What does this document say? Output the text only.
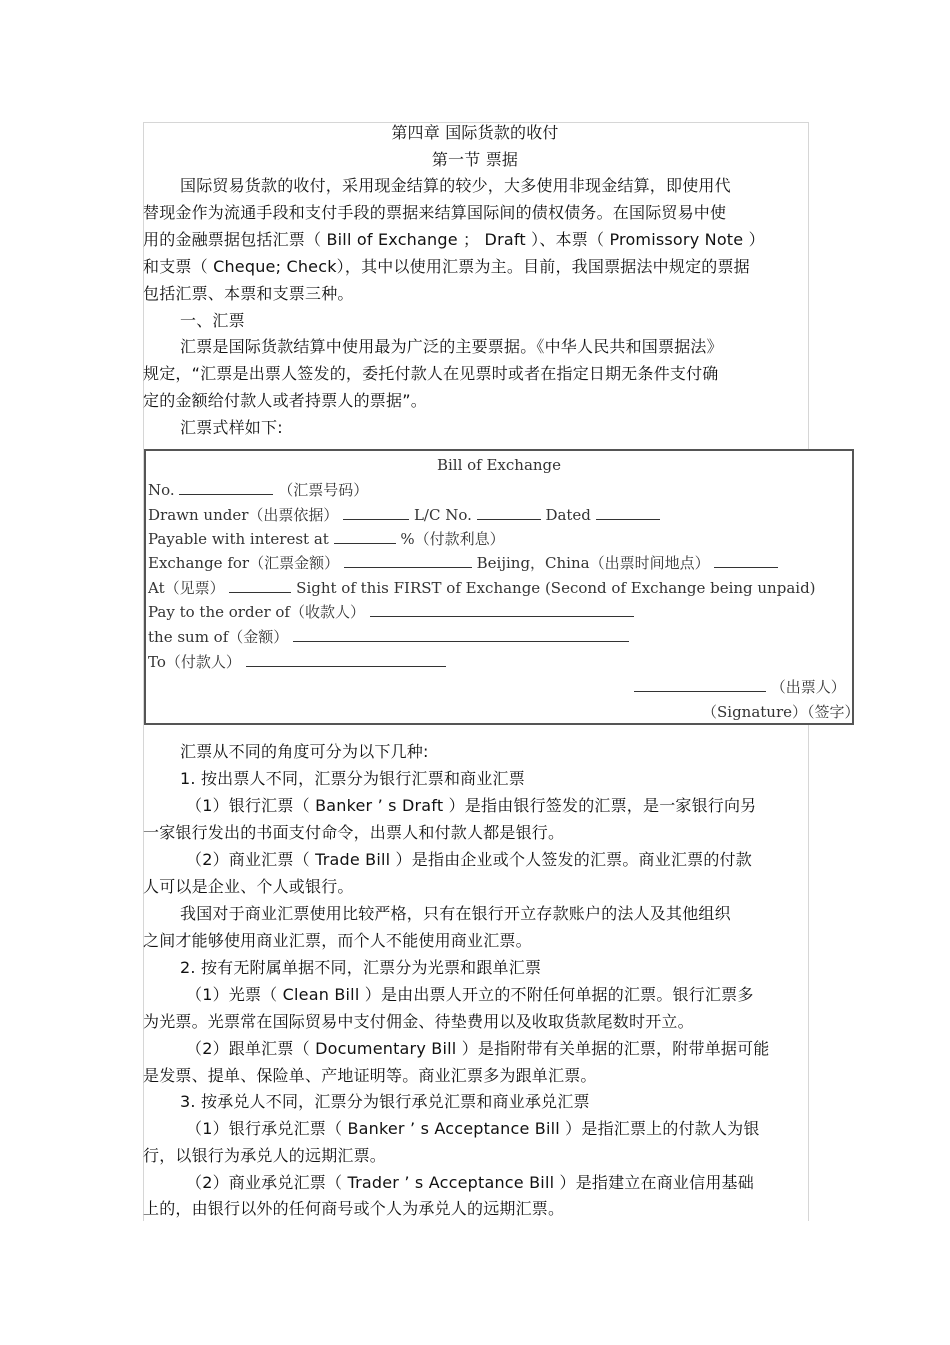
第四章 国际货款的收付
第一节 票据
国际贸易货款的收付，采用现金结算的较少，大多使用非现金结算，即使用代
替现金作为流通手段和支付手段的票据来结算国际间的债权债务。在国际贸易中使
用的金融票据包括汇票（ Bill of Exchange ； Draft ）、本票（ Promissory Note ）
和支票（ Cheque; Check），其中以使用汇票为主。目前，我国票据法中规定的票据
包括汇票、本票和支票三种。
一、汇票
汇票是国际货款结算中使用最为广泛的主要票据。《中华人民共和国票据法》
规定，“汇票是出票人签发的，委托付款人在见票时或者在指定日期无条件支付确
定的金额给付款人或者持票人的票据”。
汇票式样如下:
Bill of Exchange
No.	（汇票号码）
Drawn under（出票依据）	L/C No.	Dated
Payable with interest at	%（付款利息）
Exchange for（汇票金额）	Beijing，China（出票时间地点）
At（见票）	Sight of this FIRST of Exchange (Second of Exchange being unpaid)
Pay to the order of（收款人）
the sum of（金额）
To（付款人）
（出票人）
（Signature）（签字）
汇票从不同的角度可分为以下几种:
1. 按出票人不同，汇票分为银行汇票和商业汇票
（1）银行汇票（ Banker ’ s Draft ）是指由银行签发的汇票，是一家银行向另
一家银行发出的书面支付命令，出票人和付款人都是银行。
（2）商业汇票（ Trade Bill ）是指由企业或个人签发的汇票。商业汇票的付款
人可以是企业、个人或银行。
我国对于商业汇票使用比较严格，只有在银行开立存款账户的法人及其他组织
之间才能够使用商业汇票，而个人不能使用商业汇票。
2. 按有无附属单据不同，汇票分为光票和跟单汇票
（1）光票（ Clean Bill ）是由出票人开立的不附任何单据的汇票。银行汇票多
为光票。光票常在国际贸易中支付佣金、待垫费用以及收取货款尾数时开立。
（2）跟单汇票（ Documentary Bill ）是指附带有关单据的汇票，附带单据可能
是发票、提单、保险单、产地证明等。商业汇票多为跟单汇票。
3. 按承兑人不同，汇票分为银行承兑汇票和商业承兑汇票
（1）银行承兑汇票（ Banker ’ s Acceptance Bill ）是指汇票上的付款人为银
行，以银行为承兑人的远期汇票。
（2）商业承兑汇票（ Trader ’ s Acceptance Bill ）是指建立在商业信用基础
上的，由银行以外的任何商号或个人为承兑人的远期汇票。
